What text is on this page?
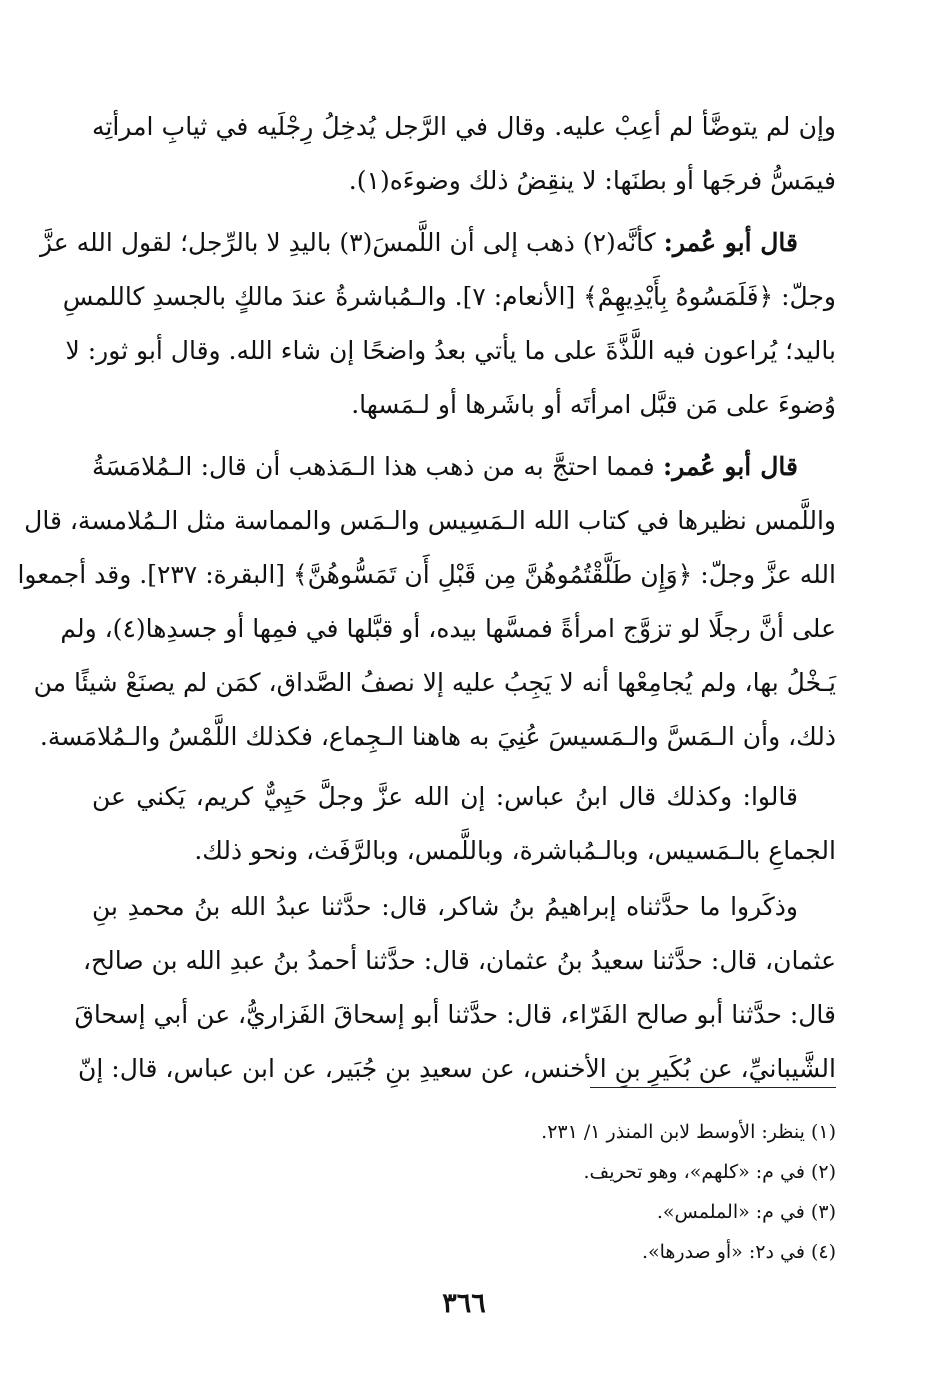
وإن لم يتوضَّأ لم أعِبْ عليه. وقال في الرَّجل يُدخِلُ رِجْلَيه في ثيابِ امرأتِه
فيمَسُّ فرجَها أو بطنَها: لا ينقِضُ ذلك وضوءَه(١).
قال أبو عُمر: كأنَّه(٢) ذهب إلى أن اللَّمسَ(٣) باليدِ لا بالرِّجل؛ لقول الله عزَّ
وجلّ: ﴿فَلَمَسُوهُ بِأَيْدِيهِمْ﴾ [الأنعام: ٧]. والـمُباشرةُ عندَ مالكٍ بالجسدِ كاللمسِ
باليد؛ يُراعون فيه اللَّذَّةَ على ما يأتي بعدُ واضحًا إن شاء الله. وقال أبو ثور: لا
وُضوءَ على مَن قبَّل امرأتَه أو باشَرها أو لـمَسها.
قال أبو عُمر: فمما احتجَّ به من ذهب هذا الـمَذهب أن قال: الـمُلامَسَةُ
واللَّمس نظيرها في كتاب الله الـمَسِيس والـمَس والمماسة مثل الـمُلامسة، قال
الله عزَّ وجلّ: ﴿وَإِن طَلَّقْتُمُوهُنَّ مِن قَبْلِ أَن تَمَسُّوهُنَّ﴾ [البقرة: ٢٣٧]. وقد أجمعوا
على أنَّ رجلًا لو تزوَّج امرأةً فمسَّها بيده، أو قبَّلها في فمِها أو جسدِها(٤)، ولم
يَـخْلُ بها، ولم يُجامِعْها أنه لا يَجِبُ عليه إلا نصفُ الصَّداق، كمَن لم يصنَعْ شيئًا من
ذلك، وأن الـمَسَّ والـمَسيسَ عُنِيَ به هاهنا الـجِماع، فكذلك اللَّمْسُ والـمُلامَسة.
قالوا: وكذلك قال ابنُ عباس: إن الله عزَّ وجلَّ حَيِيٌّ كريم، يَكني عن
الجماعِ بالـمَسيس، وبالـمُباشرة، وباللَّمس، وبالرَّفَث، ونحو ذلك.
وذكَروا ما حدَّثناه إبراهيمُ بنُ شاكر، قال: حدَّثنا عبدُ الله بنُ محمدِ بنِ
عثمان، قال: حدَّثنا سعيدُ بنُ عثمان، قال: حدَّثنا أحمدُ بنُ عبدِ الله بن صالح،
قال: حدَّثنا أبو صالح الفَرّاء، قال: حدَّثنا أبو إسحاقَ الفَزاريُّ، عن أبي إسحاقَ
الشَّيبانيِّ، عن بُكَيرِ بنِ الأخنس، عن سعيدِ بنِ جُبَير، عن ابن عباس، قال: إنّ
(١) ينظر: الأوسط لابن المنذر ١/ ٢٣١.
(٢) في م: «كلهم»، وهو تحريف.
(٣) في م: «الملمس».
(٤) في د٢: «أو صدرها».
٣٦٦
